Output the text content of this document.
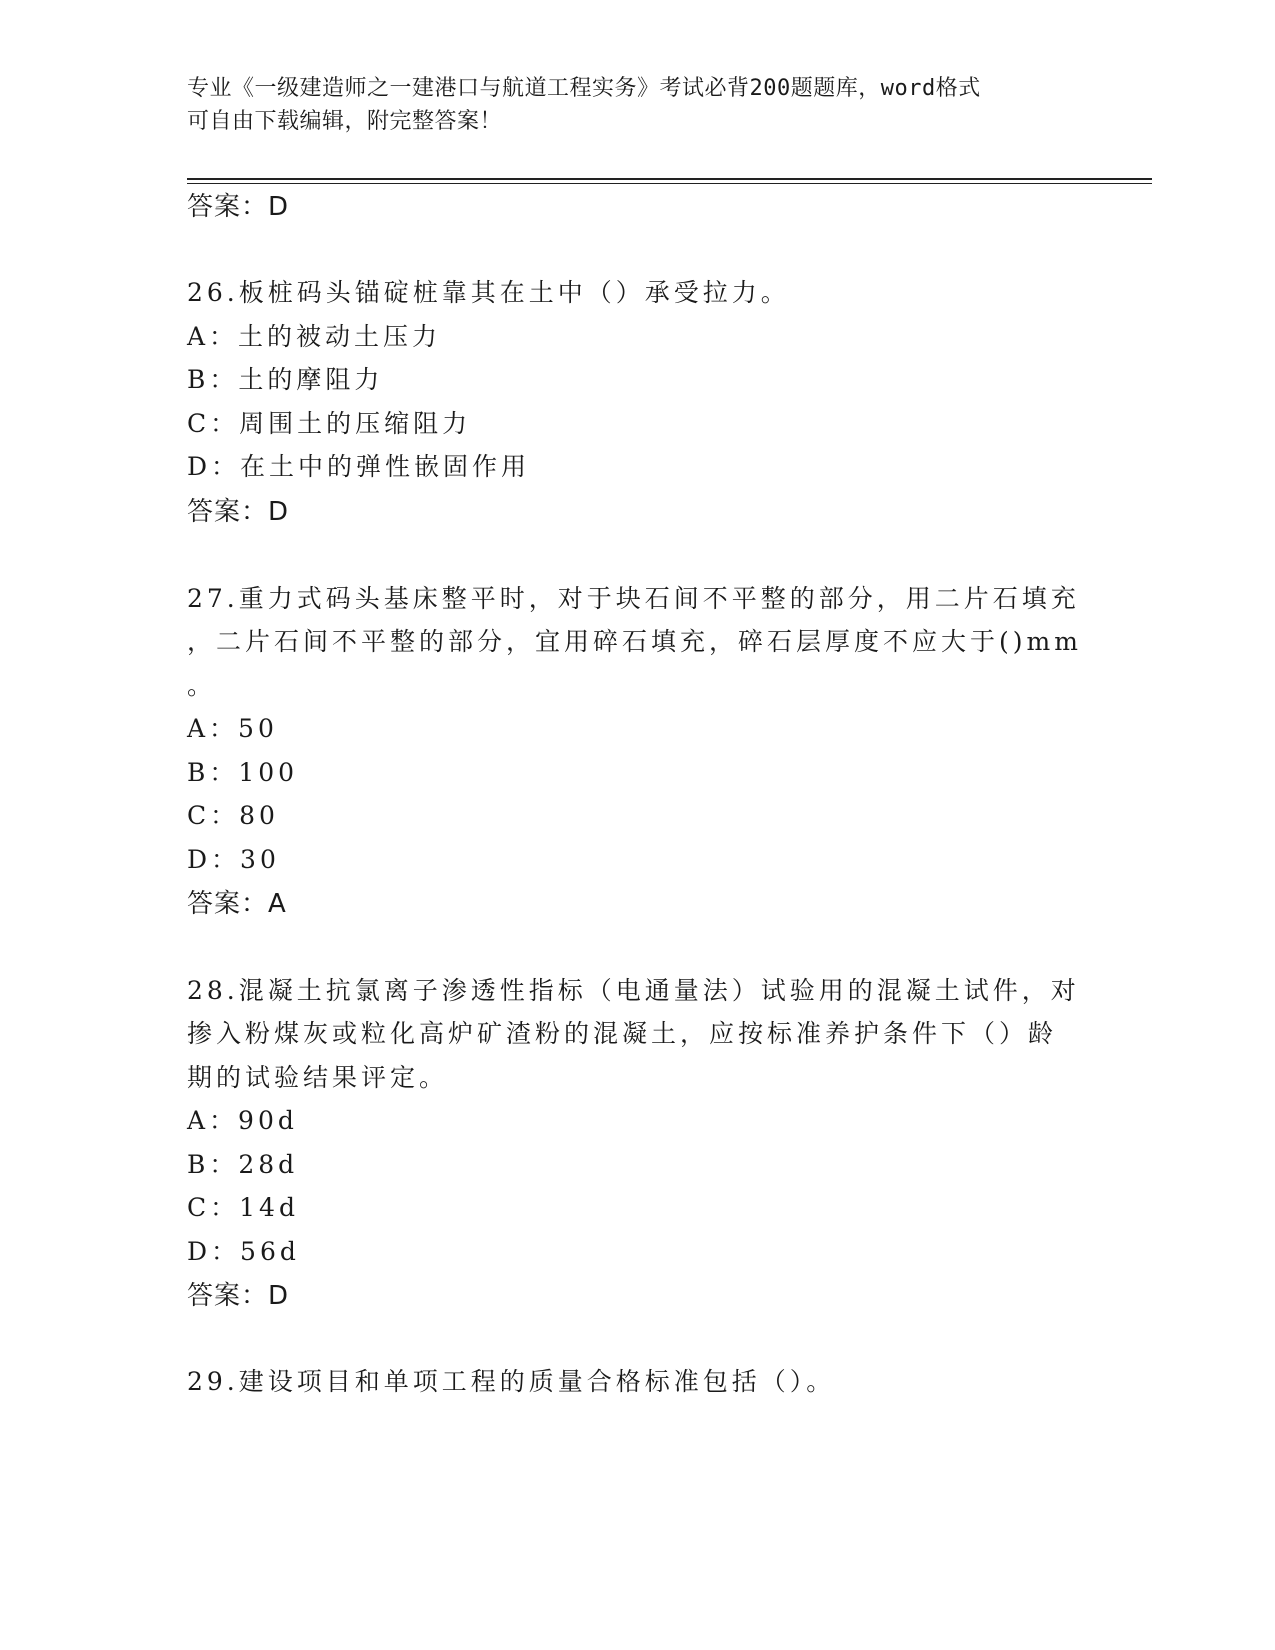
专业《一级建造师之一建港口与航道工程实务》考试必背200题题库，word格式
可自由下载编辑，附完整答案！
答案：D
26.板桩码头锚碇桩靠其在土中（）承受拉力。
A：土的被动土压力
B：土的摩阻力
C：周围土的压缩阻力
D：在土中的弹性嵌固作用
答案：D
27.重力式码头基床整平时，对于块石间不平整的部分，用二片石填充
，二片石间不平整的部分，宜用碎石填充，碎石层厚度不应大于()mm
。
A：50
B：100
C：80
D：30
答案：A
28.混凝土抗氯离子渗透性指标（电通量法）试验用的混凝土试件，对
掺入粉煤灰或粒化高炉矿渣粉的混凝土，应按标准养护条件下（）龄
期的试验结果评定。
A：90d
B：28d
C：14d
D：56d
答案：D
29.建设项目和单项工程的质量合格标准包括（）。
